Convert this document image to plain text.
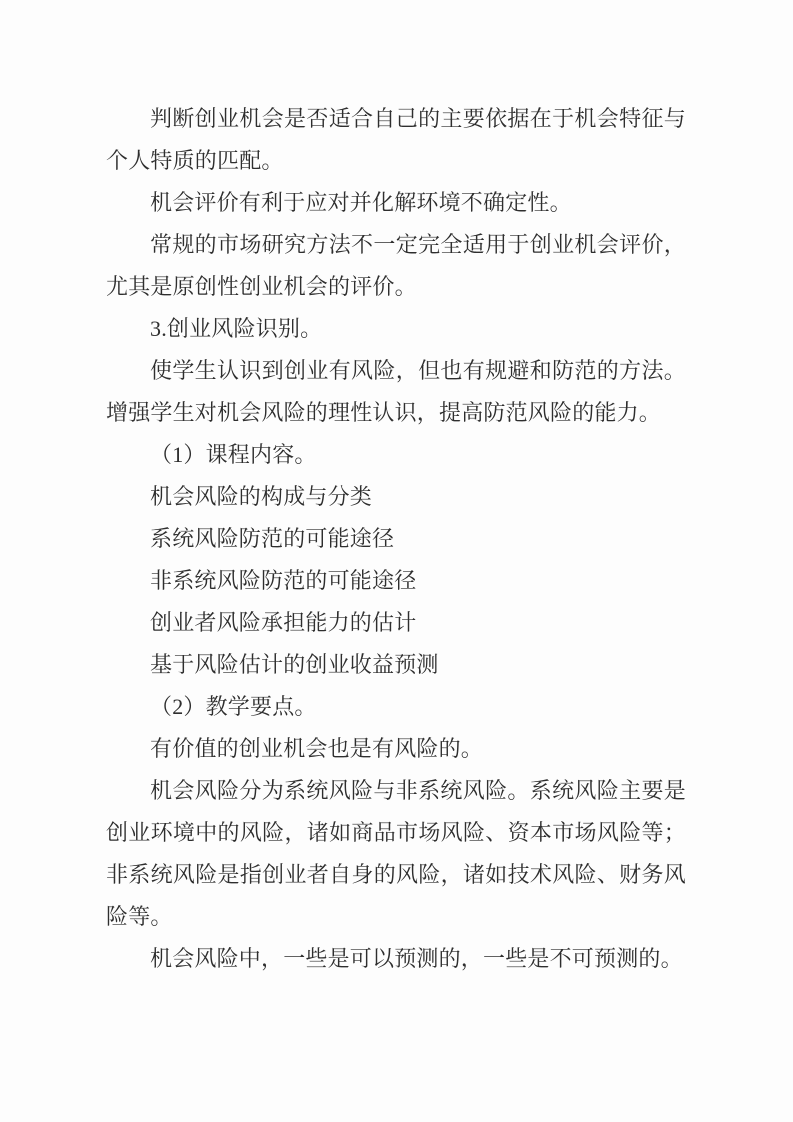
判断创业机会是否适合自己的主要依据在于机会特征与个人特质的匹配。

机会评价有利于应对并化解环境不确定性。

常规的市场研究方法不一定完全适用于创业机会评价，尤其是原创性创业机会的评价。

3.创业风险识别。

使学生认识到创业有风险，但也有规避和防范的方法。增强学生对机会风险的理性认识，提高防范风险的能力。

（1）课程内容。

机会风险的构成与分类

系统风险防范的可能途径

非系统风险防范的可能途径

创业者风险承担能力的估计

基于风险估计的创业收益预测

（2）教学要点。

有价值的创业机会也是有风险的。

机会风险分为系统风险与非系统风险。系统风险主要是创业环境中的风险，诸如商品市场风险、资本市场风险等；非系统风险是指创业者自身的风险，诸如技术风险、财务风险等。

机会风险中，一些是可以预测的，一些是不可预测的。
